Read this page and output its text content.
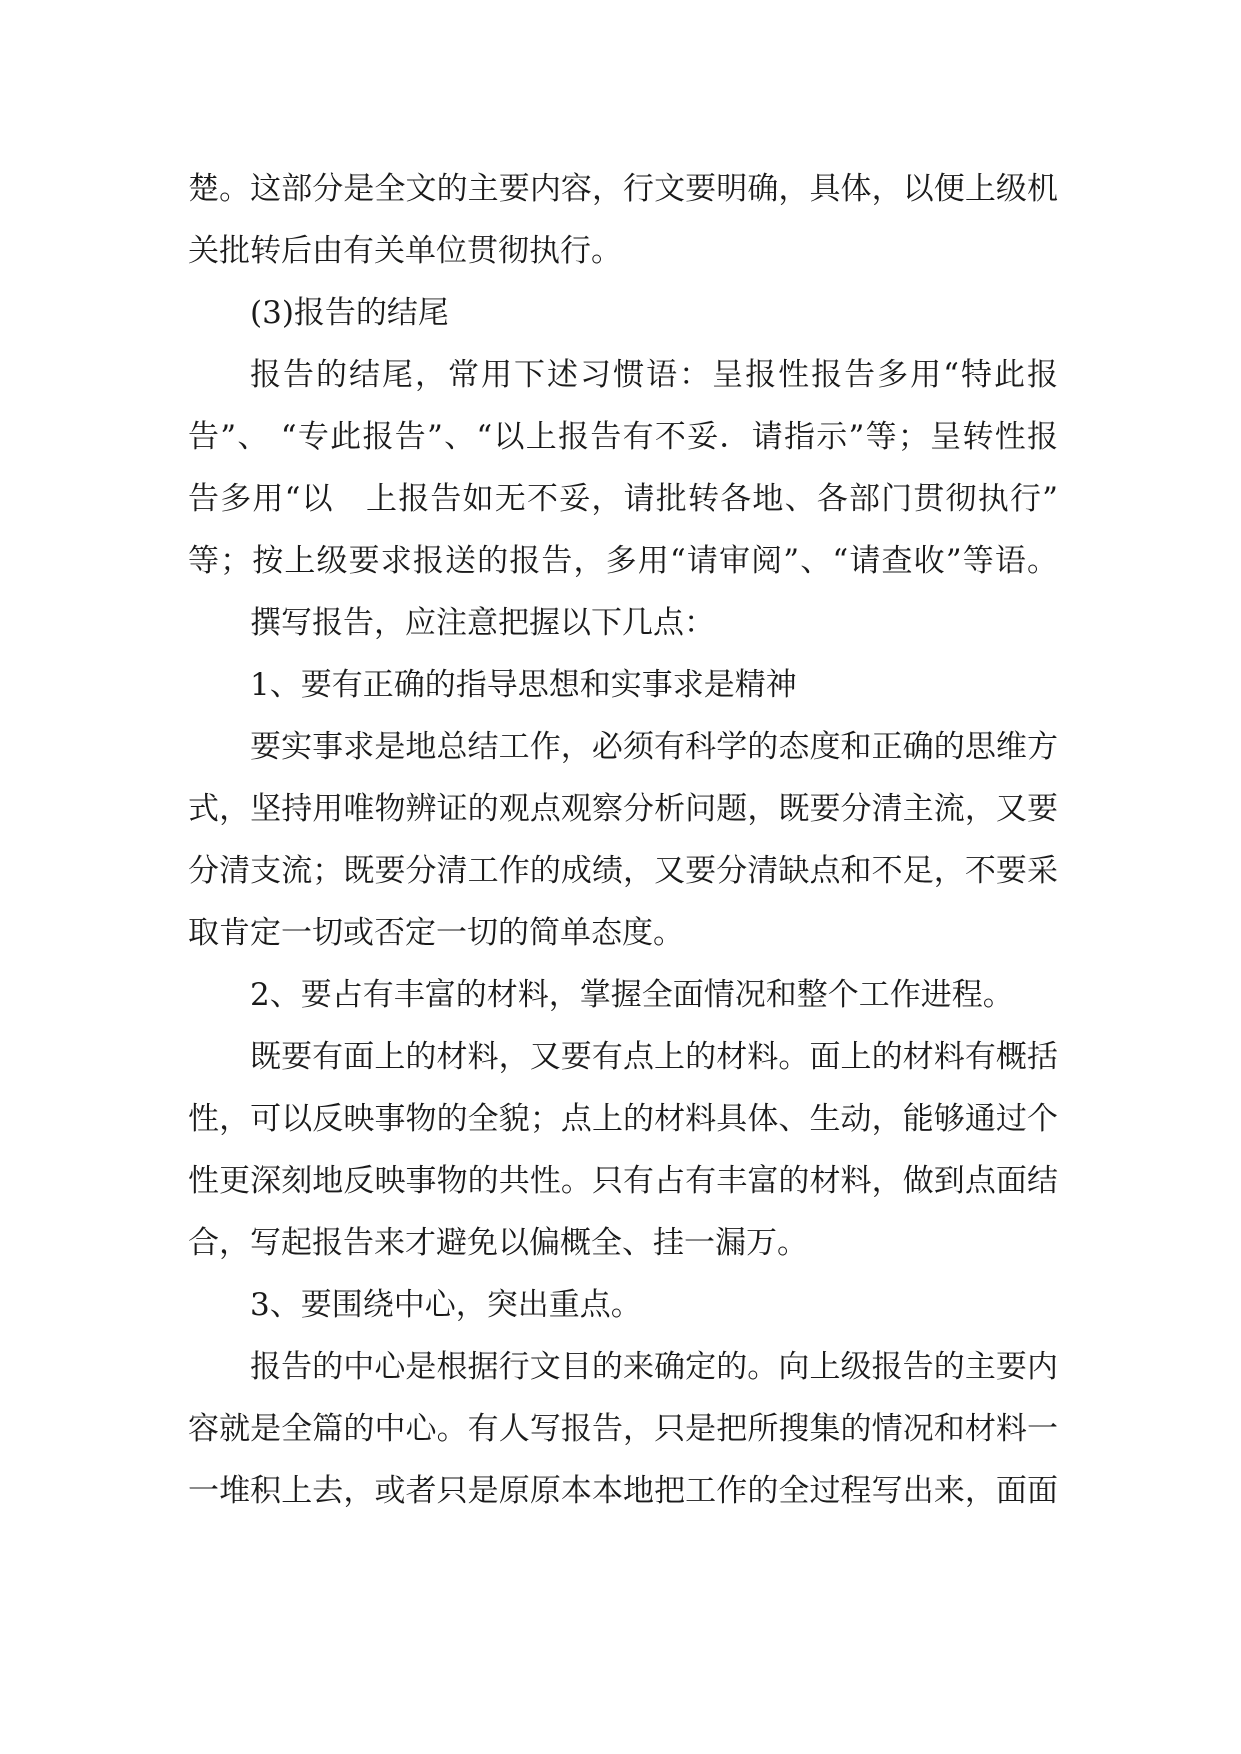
楚。这部分是全文的主要内容，行文要明确，具体，以便上级机
关批转后由有关单位贯彻执行。
(3)报告的结尾
报告的结尾，常用下述习惯语：呈报性报告多用“特此报
告”、 “专此报告”、“以上报告有不妥．请指示”等；呈转性报
告多用“以　上报告如无不妥，请批转各地、各部门贯彻执行”
等；按上级要求报送的报告，多用“请审阅”、“请查收”等语。
撰写报告，应注意把握以下几点：
1、要有正确的指导思想和实事求是精神
要实事求是地总结工作，必须有科学的态度和正确的思维方
式，坚持用唯物辨证的观点观察分析问题，既要分清主流，又要
分清支流；既要分清工作的成绩，又要分清缺点和不足，不要采
取肯定一切或否定一切的简单态度。
2、要占有丰富的材料，掌握全面情况和整个工作进程。
既要有面上的材料，又要有点上的材料。面上的材料有概括
性，可以反映事物的全貌；点上的材料具体、生动，能够通过个
性更深刻地反映事物的共性。只有占有丰富的材料，做到点面结
合，写起报告来才避免以偏概全、挂一漏万。
3、要围绕中心，突出重点。
报告的中心是根据行文目的来确定的。向上级报告的主要内
容就是全篇的中心。有人写报告，只是把所搜集的情况和材料一
一堆积上去，或者只是原原本本地把工作的全过程写出来，面面
